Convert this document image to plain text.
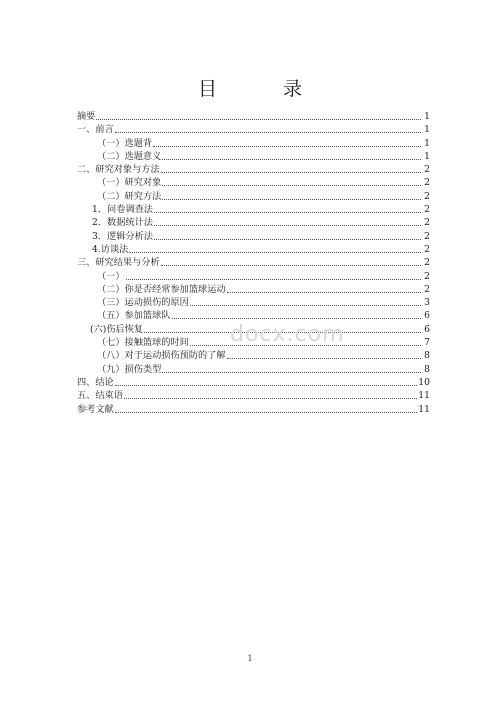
目 录
摘要	1
一、前言	1
（一）选题背	1
（二）选题意义	1
二、研究对象与方法	2
（一）研究对象	2
（二）研究方法	2
1．问卷调查法	2
2．数据统计法	2
3．逻辑分析法	2
4.访谈法	2
三、研究结果与分析	2
（一）	2
（二）你是否经常参加篮球运动	2
（三）运动损伤的原因	3
（五）参加篮球队	6
(六)伤后恢复	6
（七）接触篮球的时间	7
（八）对于运动损伤预防的了解	8
（九）损伤类型	8
四、结论	10
五、结束语	11
参考文献	11
docx.com
1
